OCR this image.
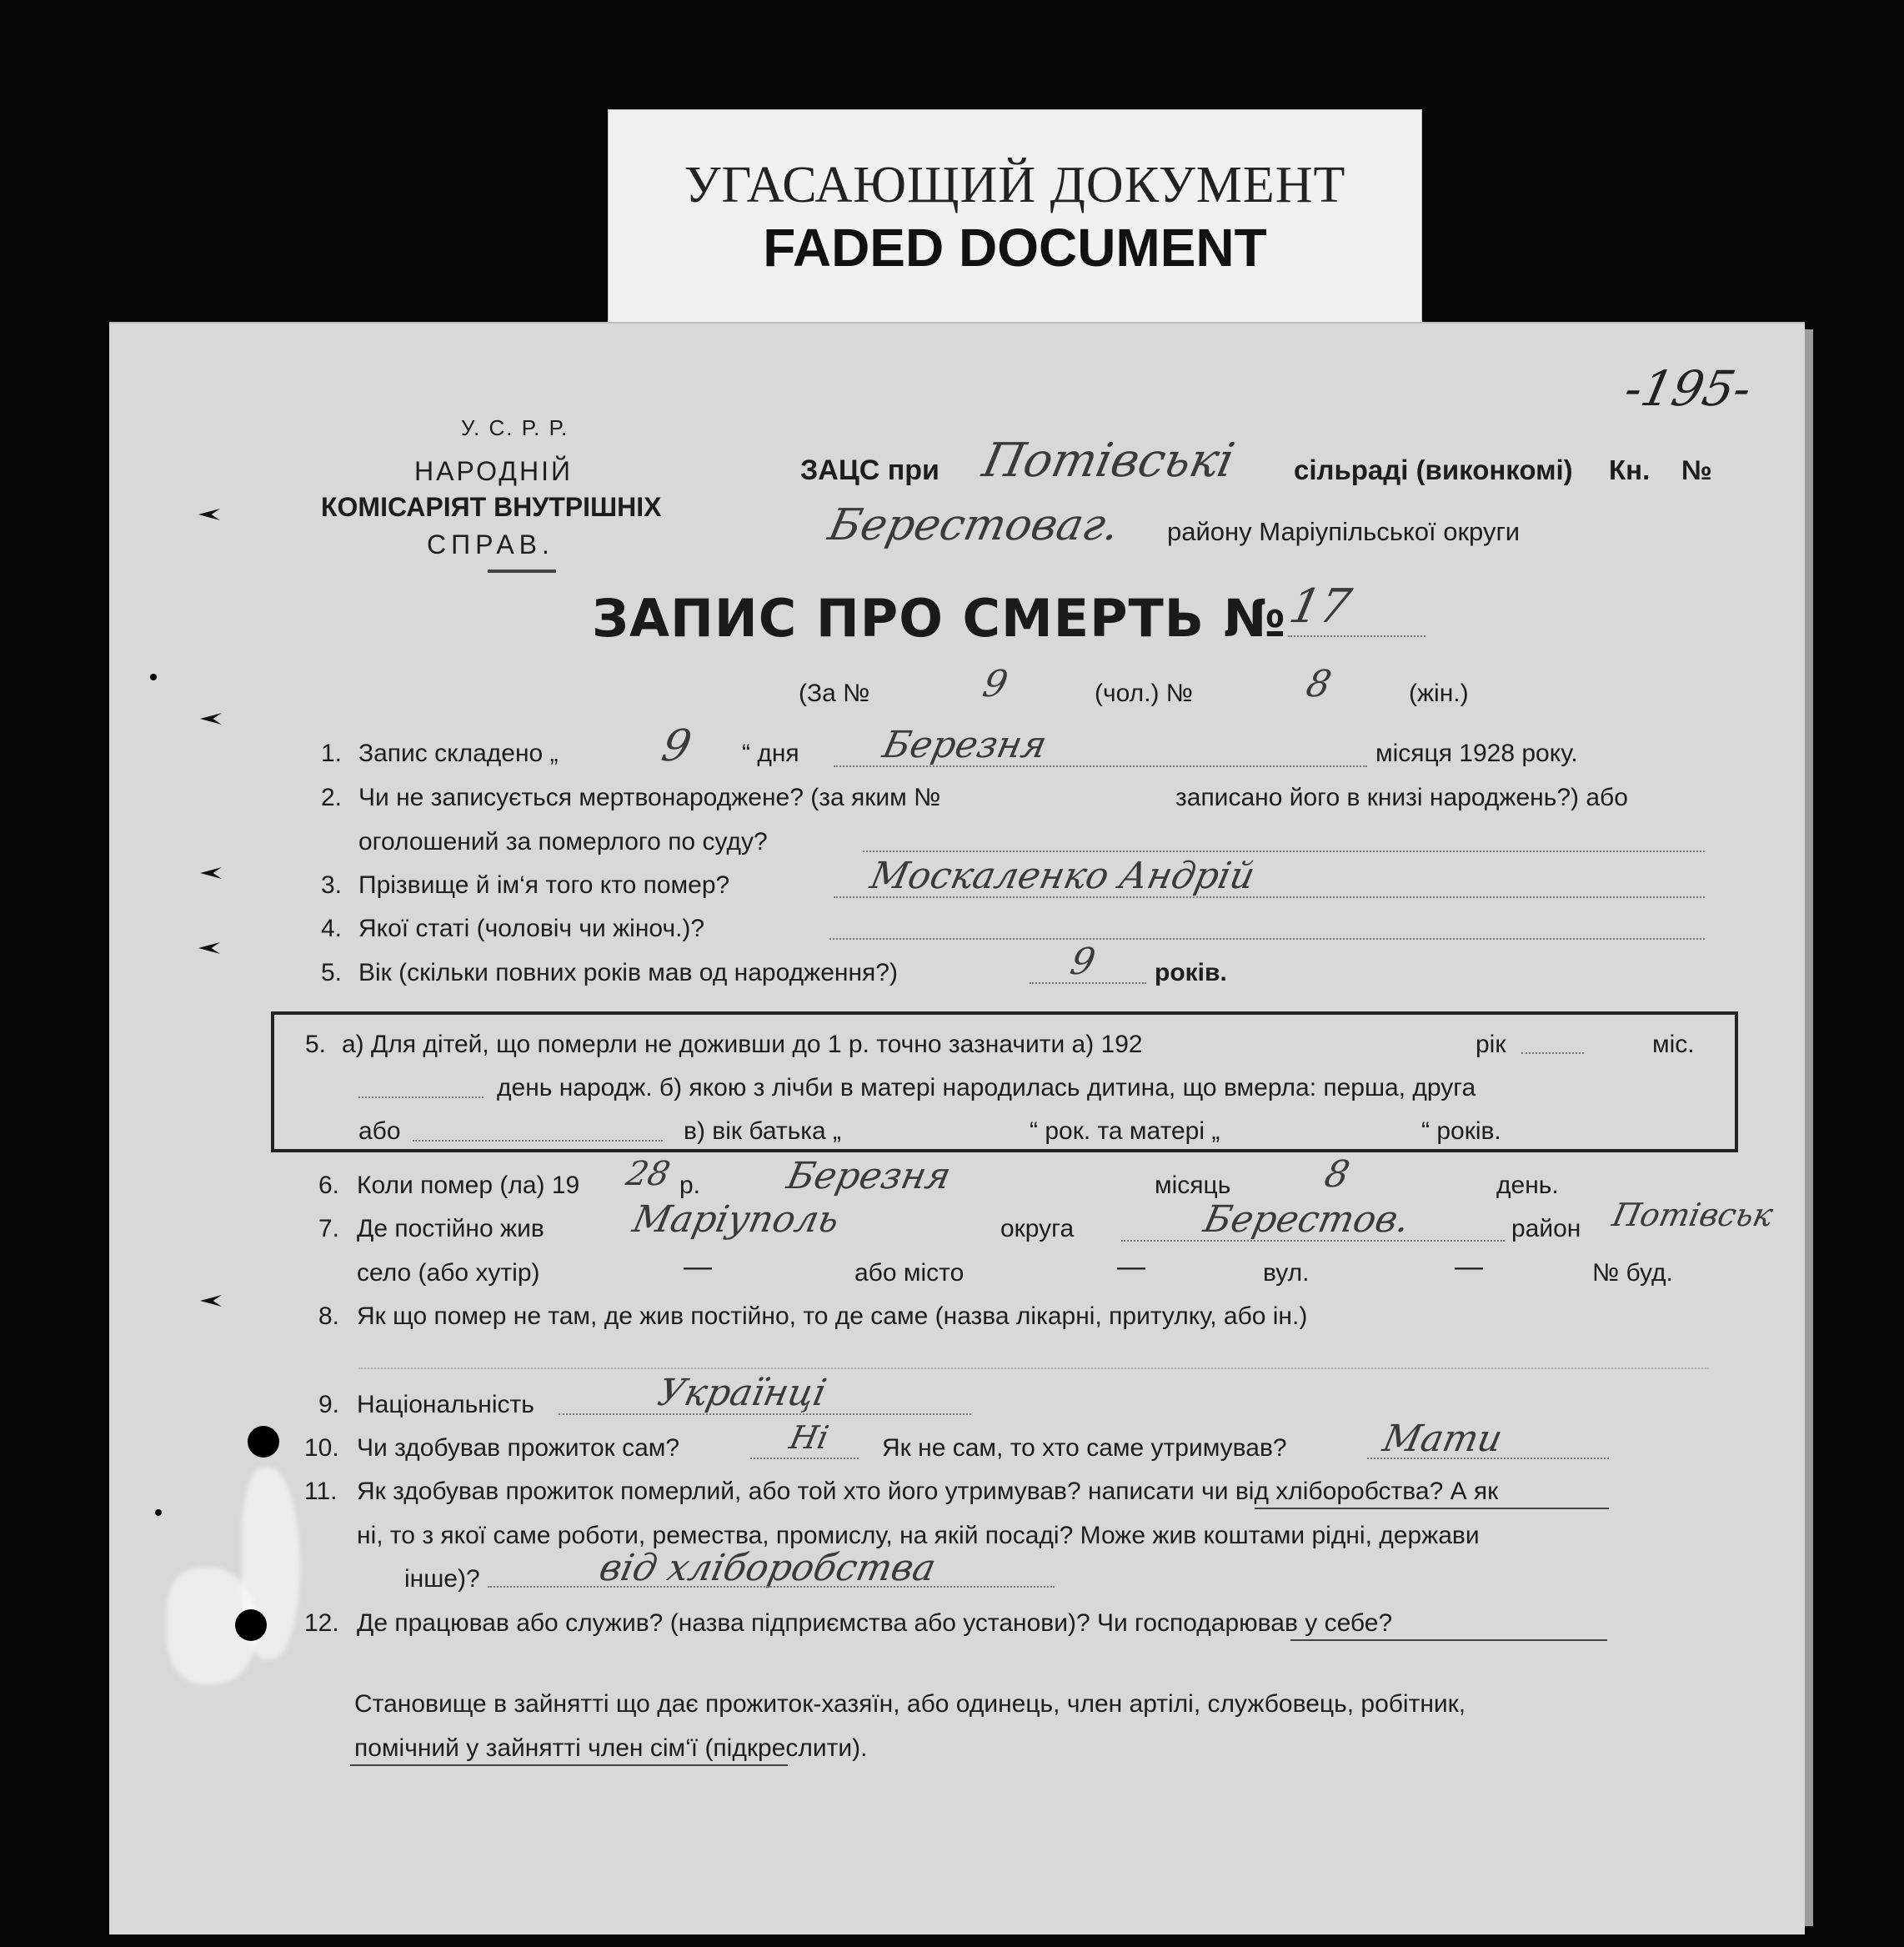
УГАСАЮЩИЙ ДОКУМЕНТ
FADED DOCUMENT
-195-
У. С. Р. Р.
НАРОДНІЙ
КОМІСАРІЯТ ВНУТРІШНІХ
СПРАВ.
ЗАЦС при Потівські сільраді (виконкомі) Кн. №
Берестоваг. району Маріупільської округи
ЗАПИС ПРО СМЕРТЬ №
17
(За №	9	(чол.) №	8	(жін.)
1. Запис складено „ 9 “ дня Березня	місяця 1928 року.
2. Чи не записується мертвонароджене? (за яким №	записано його в книзі народжень?) або
оголошений за померлого по суду?
3. Прізвище й ім‘я того кто помер?	Москаленко Андрій
4. Якої статі (чоловіч чи жіноч.)?
5. Вік (скільки повних років мав од народження?)	9 років.
5. а) Для дітей, що померли не доживши до 1 р. точно зазначити а) 192	рік	міс.
день народж. б) якою з лічби в матері народилась дитина, що вмерла: перша, друга
або	в) вік батька „	“ рок. та матері „	“ років.
6. Коли помер (ла) 19 28 р. Березня	місяць 8	день.
7. Де постійно жив Маріуполь	округа	Берестов.	район Потівськ
село (або хутір)	—	або місто	—	вул.	—	№ буд.
8. Як що помер не там, де жив постійно, то де саме (назва лікарні, притулку, або ін.)
9. Національність	Українці
10. Чи здобував прожиток сам?	Ні Як не сам, то хто саме утримував?	Мати
11. Як здобував прожиток померлий, або той хто його утримував? написати чи від хліборобства? А як
ні, то з якої саме роботи, ремества, промислу, на якій посаді? Може жив коштами рідні, держави
інше)?	від хліборобства
12. Де працював або служив? (назва підприємства або установи)? Чи господарював у себе?
Становище в зайнятті що дає прожиток-хазяїн, або одинець, член артілі, службовець, робітник,
помічний у зайнятті член сім‘ї (підкреслити).
